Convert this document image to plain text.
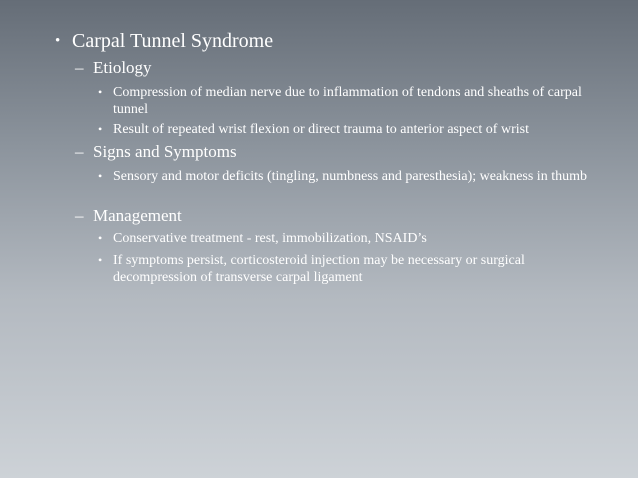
• Carpal Tunnel Syndrome
– Etiology
• Compression of median nerve due to inflammation of tendons and sheaths of carpal tunnel
• Result of repeated wrist flexion or direct trauma to anterior aspect of wrist
– Signs and Symptoms
• Sensory and motor deficits (tingling, numbness and paresthesia); weakness in thumb
– Management
• Conservative treatment - rest, immobilization, NSAID’s
• If symptoms persist, corticosteroid injection may be necessary or surgical decompression of transverse carpal ligament
